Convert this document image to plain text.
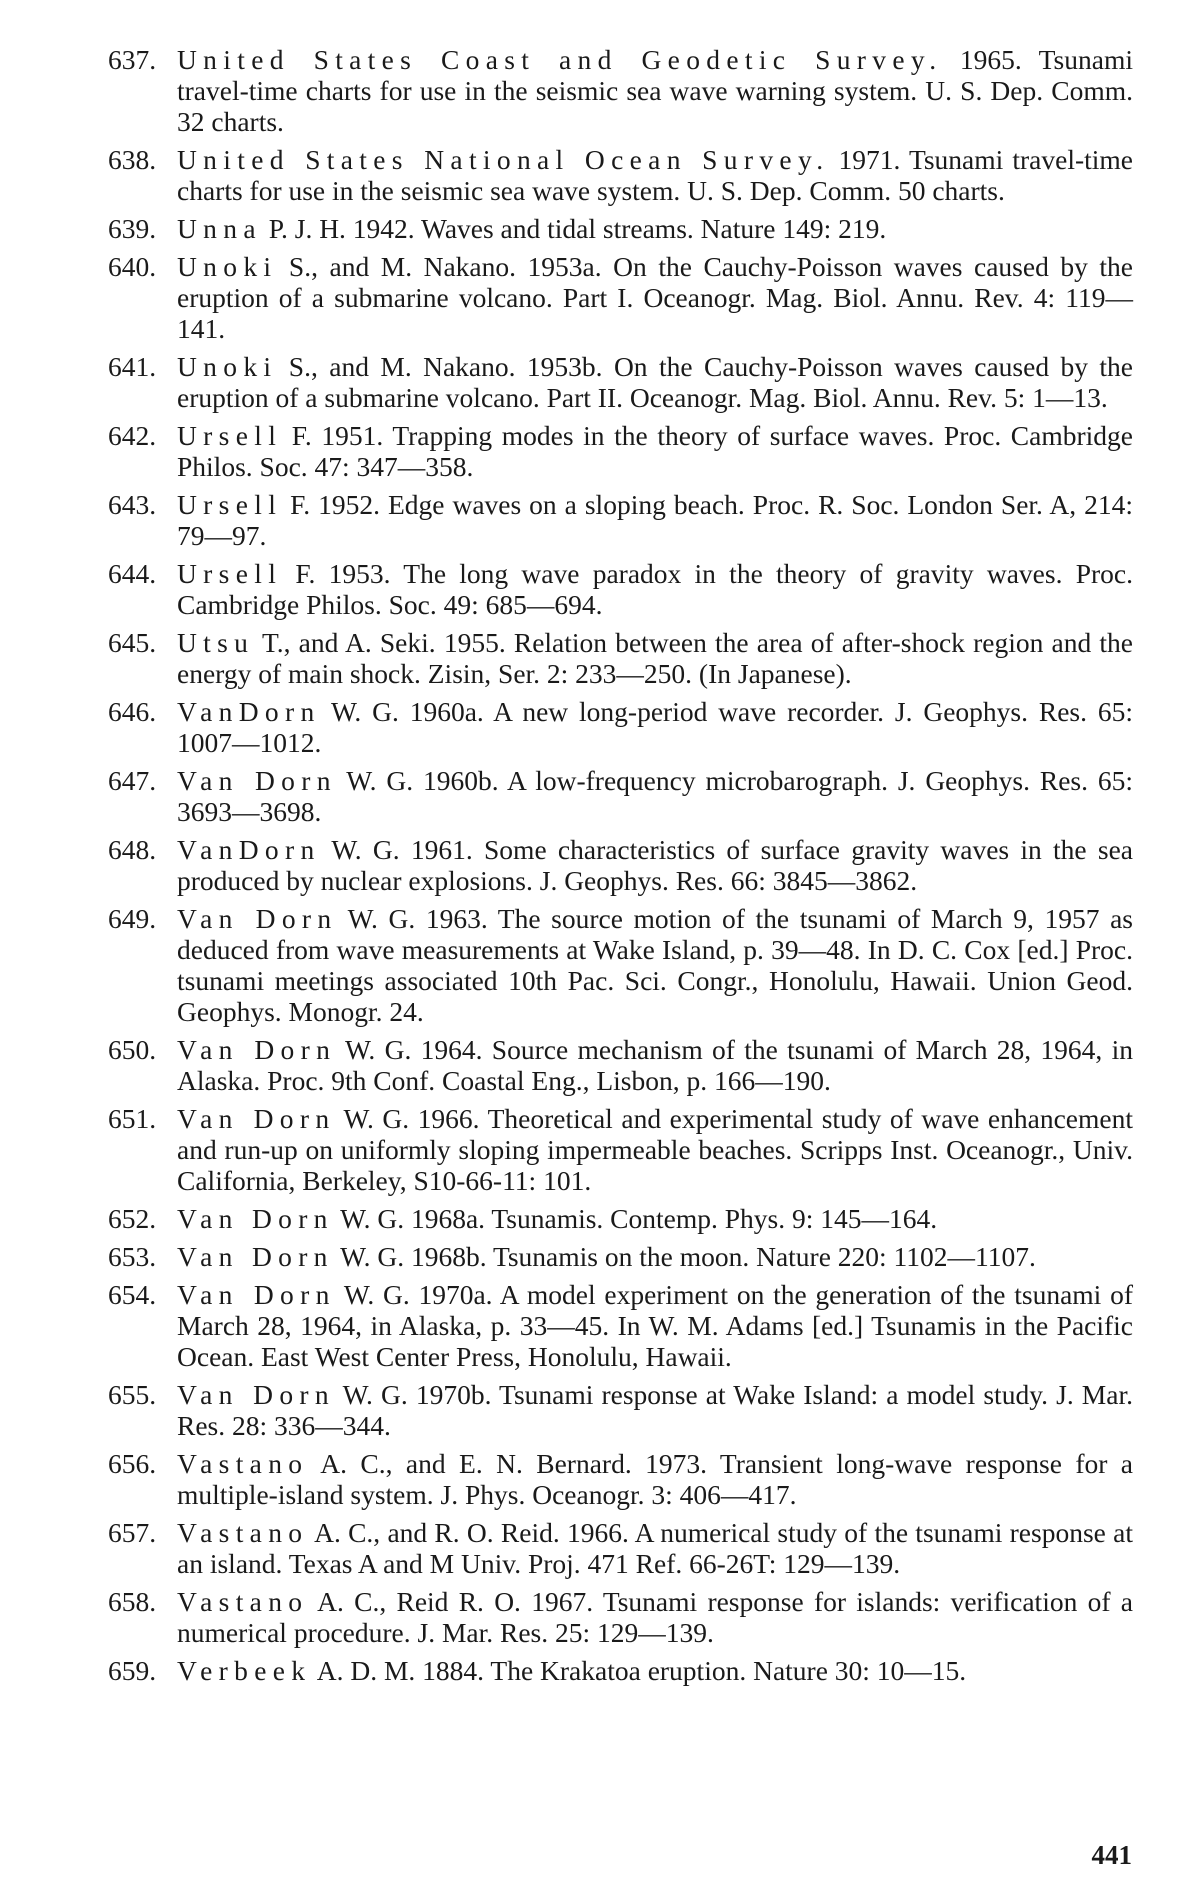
637. United States Coast and Geodetic Survey. 1965. Tsunami travel-time charts for use in the seismic sea wave warning system. U. S. Dep. Comm. 32 charts.

638. United States National Ocean Survey. 1971. Tsunami travel-time charts for use in the seismic sea wave system. U. S. Dep. Comm. 50 charts.

639. Unna P. J. H. 1942. Waves and tidal streams. Nature 149: 219.

640. Unoki S., and M. Nakano. 1953a. On the Cauchy-Poisson waves caused by the eruption of a submarine volcano. Part I. Oceanogr. Mag. Biol. Annu. Rev. 4: 119—141.

641. Unoki S., and M. Nakano. 1953b. On the Cauchy-Poisson waves caused by the eruption of a submarine volcano. Part II. Oceanogr. Mag. Biol. Annu. Rev. 5: 1—13.

642. Ursell F. 1951. Trapping modes in the theory of surface waves. Proc. Cambridge Philos. Soc. 47: 347—358.

643. Ursell F. 1952. Edge waves on a sloping beach. Proc. R. Soc. London Ser. A, 214: 79—97.

644. Ursell F. 1953. The long wave paradox in the theory of gravity waves. Proc. Cambridge Philos. Soc. 49: 685—694.

645. Utsu T., and A. Seki. 1955. Relation between the area of after-shock region and the energy of main shock. Zisin, Ser. 2: 233—250. (In Japanese).

646. VanDorn W. G. 1960a. A new long-period wave recorder. J. Geophys. Res. 65: 1007—1012.

647. Van Dorn W. G. 1960b. A low-frequency microbarograph. J. Geophys. Res. 65: 3693—3698.

648. VanDorn W. G. 1961. Some characteristics of surface gravity waves in the sea produced by nuclear explosions. J. Geophys. Res. 66: 3845—3862.

649. Van Dorn W. G. 1963. The source motion of the tsunami of March 9, 1957 as deduced from wave measurements at Wake Island, p. 39—48. In D. C. Cox [ed.] Proc. tsunami meetings associated 10th Pac. Sci. Congr., Honolulu, Hawaii. Union Geod. Geophys. Monogr. 24.

650. Van Dorn W. G. 1964. Source mechanism of the tsunami of March 28, 1964, in Alaska. Proc. 9th Conf. Coastal Eng., Lisbon, p. 166—190.

651. Van Dorn W. G. 1966. Theoretical and experimental study of wave enhancement and run-up on uniformly sloping impermeable beaches. Scripps Inst. Oceanogr., Univ. California, Berkeley, S10-66-11: 101.

652. Van Dorn W. G. 1968a. Tsunamis. Contemp. Phys. 9: 145—164.

653. Van Dorn W. G. 1968b. Tsunamis on the moon. Nature 220: 1102—1107.

654. Van Dorn W. G. 1970a. A model experiment on the generation of the tsunami of March 28, 1964, in Alaska, p. 33—45. In W. M. Adams [ed.] Tsunamis in the Pacific Ocean. East West Center Press, Honolulu, Hawaii.

655. Van Dorn W. G. 1970b. Tsunami response at Wake Island: a model study. J. Mar. Res. 28: 336—344.

656. Vastano A. C., and E. N. Bernard. 1973. Transient long-wave response for a multiple-island system. J. Phys. Oceanogr. 3: 406—417.

657. Vastano A. C., and R. O. Reid. 1966. A numerical study of the tsunami response at an island. Texas A and M Univ. Proj. 471 Ref. 66-26T: 129—139.

658. Vastano A. C., Reid R. O. 1967. Tsunami response for islands: verification of a numerical procedure. J. Mar. Res. 25: 129—139.

659. Verbeek A. D. M. 1884. The Krakatoa eruption. Nature 30: 10—15.

441
